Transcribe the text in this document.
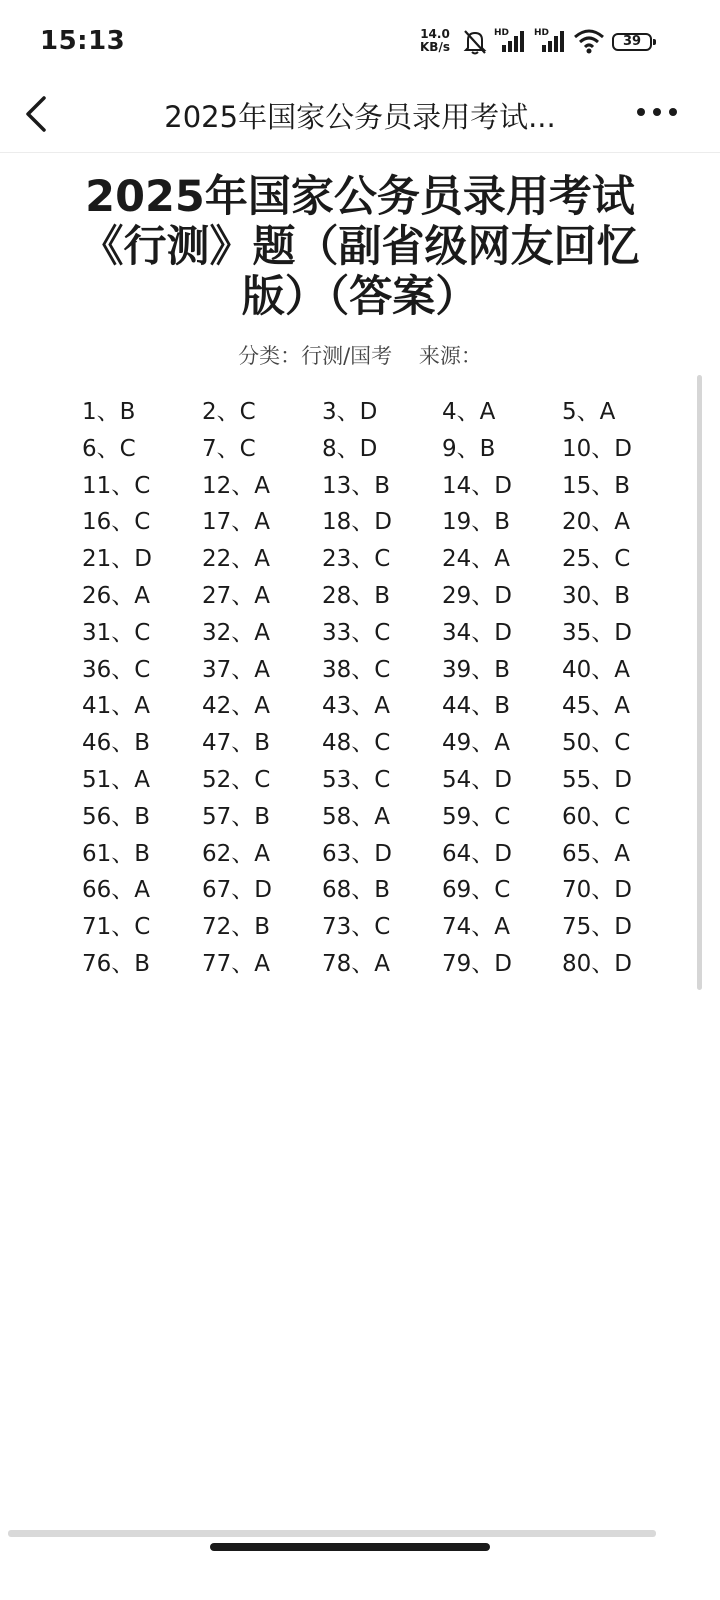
15:13	14.0
KB/s
HD	HD
39
2025年国家公务员录用考试...
2025年国家公务员录用考试《行测》题（副省级网友回忆版）（答案）
分类：行测/国考 来源：
1、B	2、C	3、D	4、A	5、A
6、C	7、C	8、D	9、B	10、D
11、C 12、A 13、B 14、D 15、B
16、C 17、A 18、D 19、B 20、A
21、D 22、A 23、C 24、A 25、C
26、A 27、A 28、B 29、D 30、B
31、C 32、A 33、C 34、D 35、D
36、C 37、A 38、C 39、B 40、A
41、A 42、A 43、A 44、B 45、A
46、B 47、B 48、C 49、A 50、C
51、A 52、C 53、C 54、D 55、D
56、B 57、B 58、A 59、C 60、C
61、B 62、A 63、D 64、D 65、A
66、A 67、D 68、B 69、C 70、D
71、C 72、B 73、C 74、A 75、D
76、B 77、A 78、A 79、D 80、D
